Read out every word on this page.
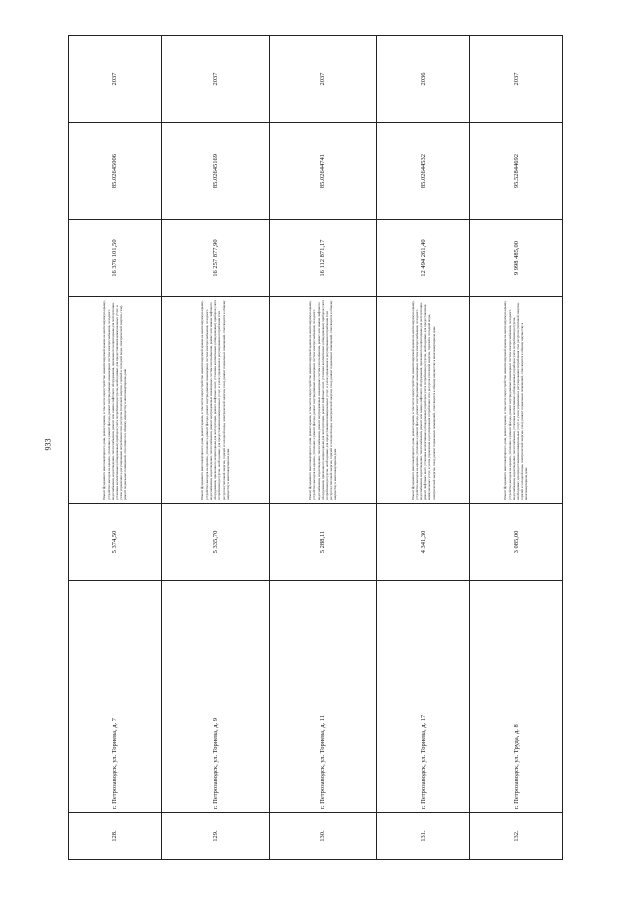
933
128.	г. Петрозаводск, ул. Торнева, д. 7	5 374,50	Ремонт фундамента многоквартирного дома, ремонт крыши, в том числе переустройство невентилируемой крыши на вентилируемую крышу, устройство выходов на кровлю, утепление и ремонт фасада, ремонт внутридомовых инженерных систем электроснабжения, холодного водоснабжения, водоотведения, теплоснабжения, ремонт или замена лифтового оборудования, признанного непригодным для эксплуатации, установка коллективных (общедомовых) приборов учета потребления ресурсов, необходимых для предоставления коммунальных услуг, и узлов управления и регулирования потребления этих ресурсов (тепловой энергии, горячей и холодной воды, электрической энергии, газа), ремонт подвальных помещений, относящихся к общему имуществу в многоквартирном доме	16 376 101,50	85.02645006	2037
129.	г. Петрозаводск, ул. Торнева, д. 9	5 335,70	Ремонт фундамента многоквартирного дома, ремонт крыши, в том числе переустройство невентилируемой крыши на вентилируемую крышу, устройство выходов на кровлю, утепление и ремонт фасада, ремонт внутридомовых инженерных систем электроснабжения, холодного водоснабжения, водоотведения, теплоснабжения, ремонт внутридомовых инженерных систем газоснабжения, ремонт или замена лифтового оборудования, признанного непригодным для эксплуатации, ремонт лифтовых шахт, установка коллективных (общедомовых) приборов учета потребления ресурсов, необходимых для предоставления коммунальных услуг, и узлов управления и регулирования потребления этих ресурсов (тепловой энергии, горячей и холодной воды, электрической энергии, газа), ремонт подвальных помещений, относящихся к общему имуществу в многоквартирном доме	16 257 877,90	85.02645169	2037
130.	г. Петрозаводск, ул. Торнева, д. 11	5 288,11	Ремонт фундамента многоквартирного дома, ремонт крыши, в том числе переустройство невентилируемой крыши на вентилируемую крышу, устройство выходов на кровлю, утепление и ремонт фасада, ремонт внутридомовых инженерных систем электроснабжения, холодного водоснабжения, водоотведения, теплоснабжения, ремонт внутридомовых инженерных систем газоснабжения, ремонт или замена лифтового оборудования, признанного непригодным для эксплуатации, ремонт лифтовых шахт, установка коллективных (общедомовых) приборов учета потребления ресурсов, необходимых для предоставления коммунальных услуг, и узлов управления и регулирования потребления этих ресурсов (тепловой энергии, горячей и холодной воды, электрической энергии, газа), ремонт подвальных помещений, относящихся к общему имуществу в многоквартирном доме	16 112 871,17	85.02644741	2037
131.	г. Петрозаводск, ул. Торнева, д. 17	4 341,30	Ремонт фундамента многоквартирного дома, ремонт крыши, в том числе переустройство невентилируемой крыши на вентилируемую крышу, устройство выходов на кровлю, утепление и ремонт фасада, ремонт внутридомовых инженерных систем электроснабжения, холодного водоснабжения, водоотведения, теплоснабжения, ремонт или замена лифтового оборудования, признанного непригодным для эксплуатации, ремонт лифтовых шахт, установка коллективных (общедомовых) приборов учета потребления ресурсов, необходимых для предоставления коммунальных услуг, и узлов управления и регулирования потребления этих ресурсов (тепловой энергии, горячей и холодной воды, электрической энергии, газа), ремонт подвальных помещений, относящихся к общему имуществу в многоквартирном доме	12 494 261,40	85.02644532	2036
132.	г. Петрозаводск, ул. Труда, д. 8	3 085,00	Ремонт фундамента многоквартирного дома, ремонт крыши, в том числе переустройство невентилируемой крыши на вентилируемую крышу, устройство выходов на кровлю, утепление и ремонт фасада, ремонт внутридомовых инженерных систем электроснабжения, холодного водоснабжения, водоотведения, теплоснабжения, установка коллективных (общедомовых) приборов учета потребления ресурсов, необходимых для предоставления коммунальных услуг, и узлов управления и регулирования потребления этих ресурсов (тепловой энергии, горячей и холодной воды, электрической энергии, газа), ремонт подвальных помещений, относящихся к общему имуществу в многоквартирном доме	9 998 485,00	95.52844692	2037
